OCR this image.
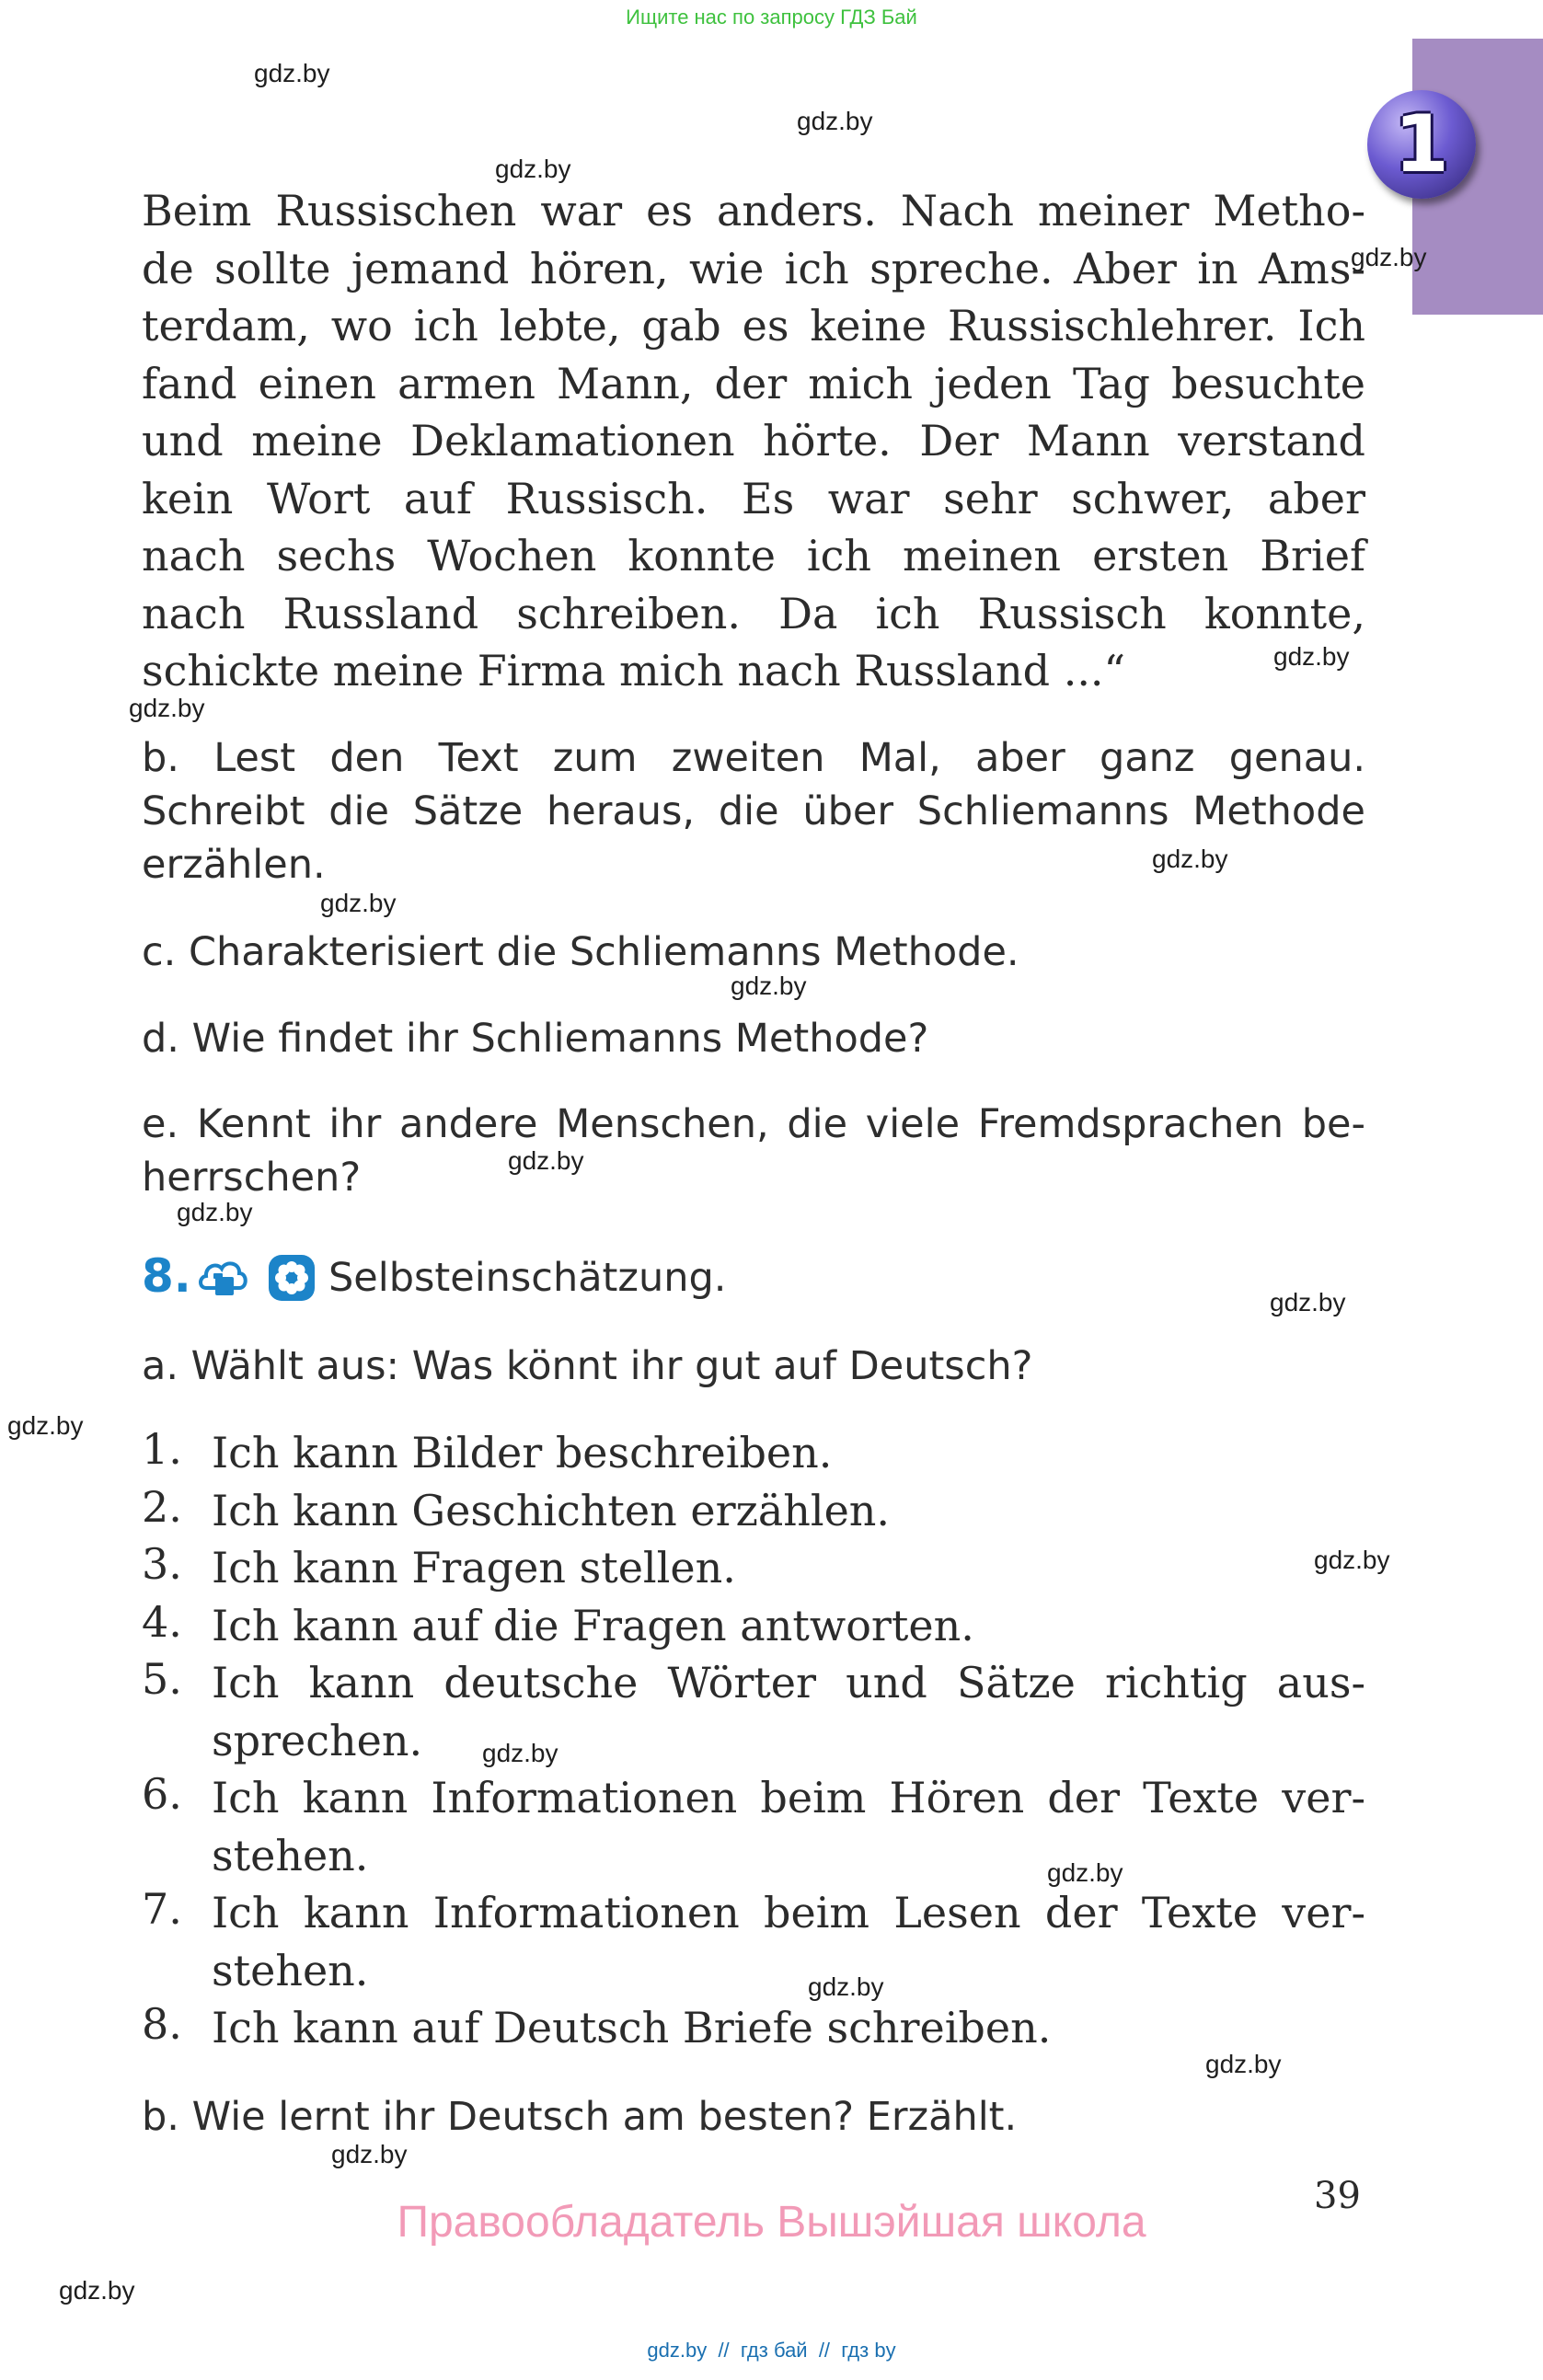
Ищите нас по запросу ГДЗ Бай
1
gdz.by
gdz.by
gdz.by
gdz.by
gdz.by
gdz.by
gdz.by
gdz.by
gdz.by
gdz.by
gdz.by
gdz.by
gdz.by
gdz.by
gdz.by
gdz.by
gdz.by
gdz.by
gdz.by
gdz.by
Beim Russischen war es anders. Nach meiner Metho-
de sollte jemand hören, wie ich spreche. Aber in Ams-
terdam, wo ich lebte, gab es keine Russischlehrer. Ich
fand einen armen Mann, der mich jeden Tag besuchte
und meine Deklamationen hörte. Der Mann verstand
kein Wort auf Russisch. Es war sehr schwer, aber
nach sechs Wochen konnte ich meinen ersten Brief
nach Russland schreiben. Da ich Russisch konnte,
schickte meine Firma mich nach Russland ...“
b. Lest den Text zum zweiten Mal, aber ganz genau.
Schreibt die Sätze heraus, die über Schliemanns Methode
erzählen.
c. Charakterisiert die Schliemanns Methode.
d. Wie findet ihr Schliemanns Methode?
e. Kennt ihr andere Menschen, die viele Fremdsprachen be-
herrschen?
8.	Selbsteinschätzung.
a. Wählt aus: Was könnt ihr gut auf Deutsch?
1. Ich kann Bilder beschreiben.
2. Ich kann Geschichten erzählen.
3. Ich kann Fragen stellen.
4. Ich kann auf die Fragen antworten.
5. Ich kann deutsche Wörter und Sätze richtig aus-
sprechen.
6. Ich kann Informationen beim Hören der Texte ver-
stehen.
7. Ich kann Informationen beim Lesen der Texte ver-
stehen.
8. Ich kann auf Deutsch Briefe schreiben.
b. Wie lernt ihr Deutsch am besten? Erzählt.
39
Правообладатель Вышэйшая школа
gdz.by  //  гдз бай  //  гдз by
